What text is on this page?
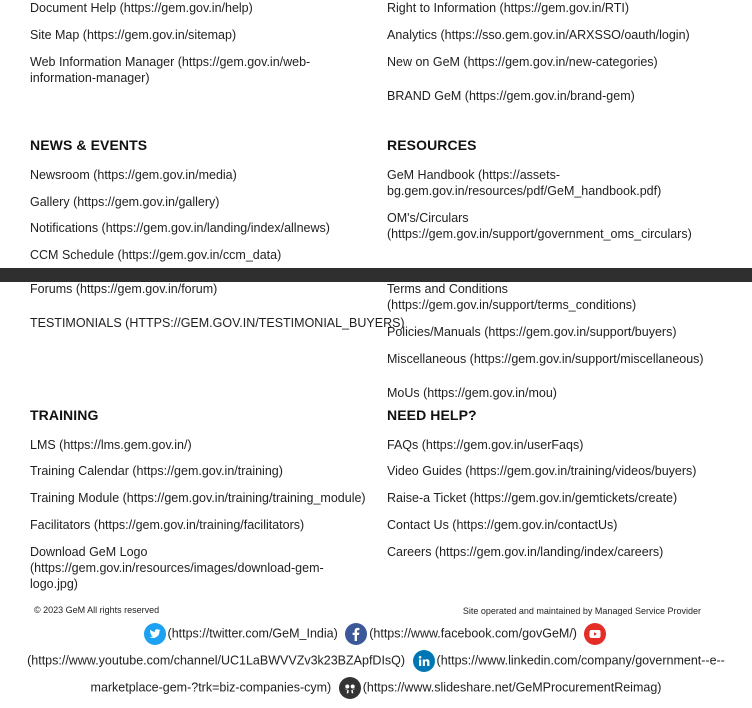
Document Help (https://gem.gov.in/help)
Site Map (https://gem.gov.in/sitemap)
Web Information Manager (https://gem.gov.in/web-information-manager)
Right to Information (https://gem.gov.in/RTI)
Analytics (https://sso.gem.gov.in/ARXSSO/oauth/login)
New on GeM (https://gem.gov.in/new-categories)
BRAND GeM (https://gem.gov.in/brand-gem)
NEWS & EVENTS
Newsroom (https://gem.gov.in/media)
Gallery (https://gem.gov.in/gallery)
Notifications (https://gem.gov.in/landing/index/allnews)
CCM Schedule (https://gem.gov.in/ccm_data)
RESOURCES
GeM Handbook (https://assets-bg.gem.gov.in/resources/pdf/GeM_handbook.pdf)
OM's/Circulars (https://gem.gov.in/support/government_oms_circulars)
Forums (https://gem.gov.in/forum)
TESTIMONIALS (HTTPS://GEM.GOV.IN/TESTIMONIAL_BUYERS)
Terms and Conditions (https://gem.gov.in/support/terms_conditions)
Policies/Manuals (https://gem.gov.in/support/buyers)
Miscellaneous (https://gem.gov.in/support/miscellaneous)
MoUs (https://gem.gov.in/mou)
TRAINING
LMS (https://lms.gem.gov.in/)
Training Calendar (https://gem.gov.in/training)
Training Module (https://gem.gov.in/training/training_module)
Facilitators (https://gem.gov.in/training/facilitators)
Download GeM Logo (https://gem.gov.in/resources/images/download-gem-logo.jpg)
NEED HELP?
FAQs (https://gem.gov.in/userFaqs)
Video Guides (https://gem.gov.in/training/videos/buyers)
Raise-a Ticket (https://gem.gov.in/gemtickets/create)
Contact Us (https://gem.gov.in/contactUs)
Careers (https://gem.gov.in/landing/index/careers)
© 2023 GeM All rights reserved	Site operated and maintained by Managed Service Provider
(https://twitter.com/GeM_India)	(https://www.facebook.com/govGeM/)
(https://www.youtube.com/channel/UC1LaBWVVZv3k23BZApfDIsQ)	(https://www.linkedin.com/company/government--e--
marketplace-gem-?trk=biz-companies-cym)	(https://www.slideshare.net/GeMProcurementReimag)
